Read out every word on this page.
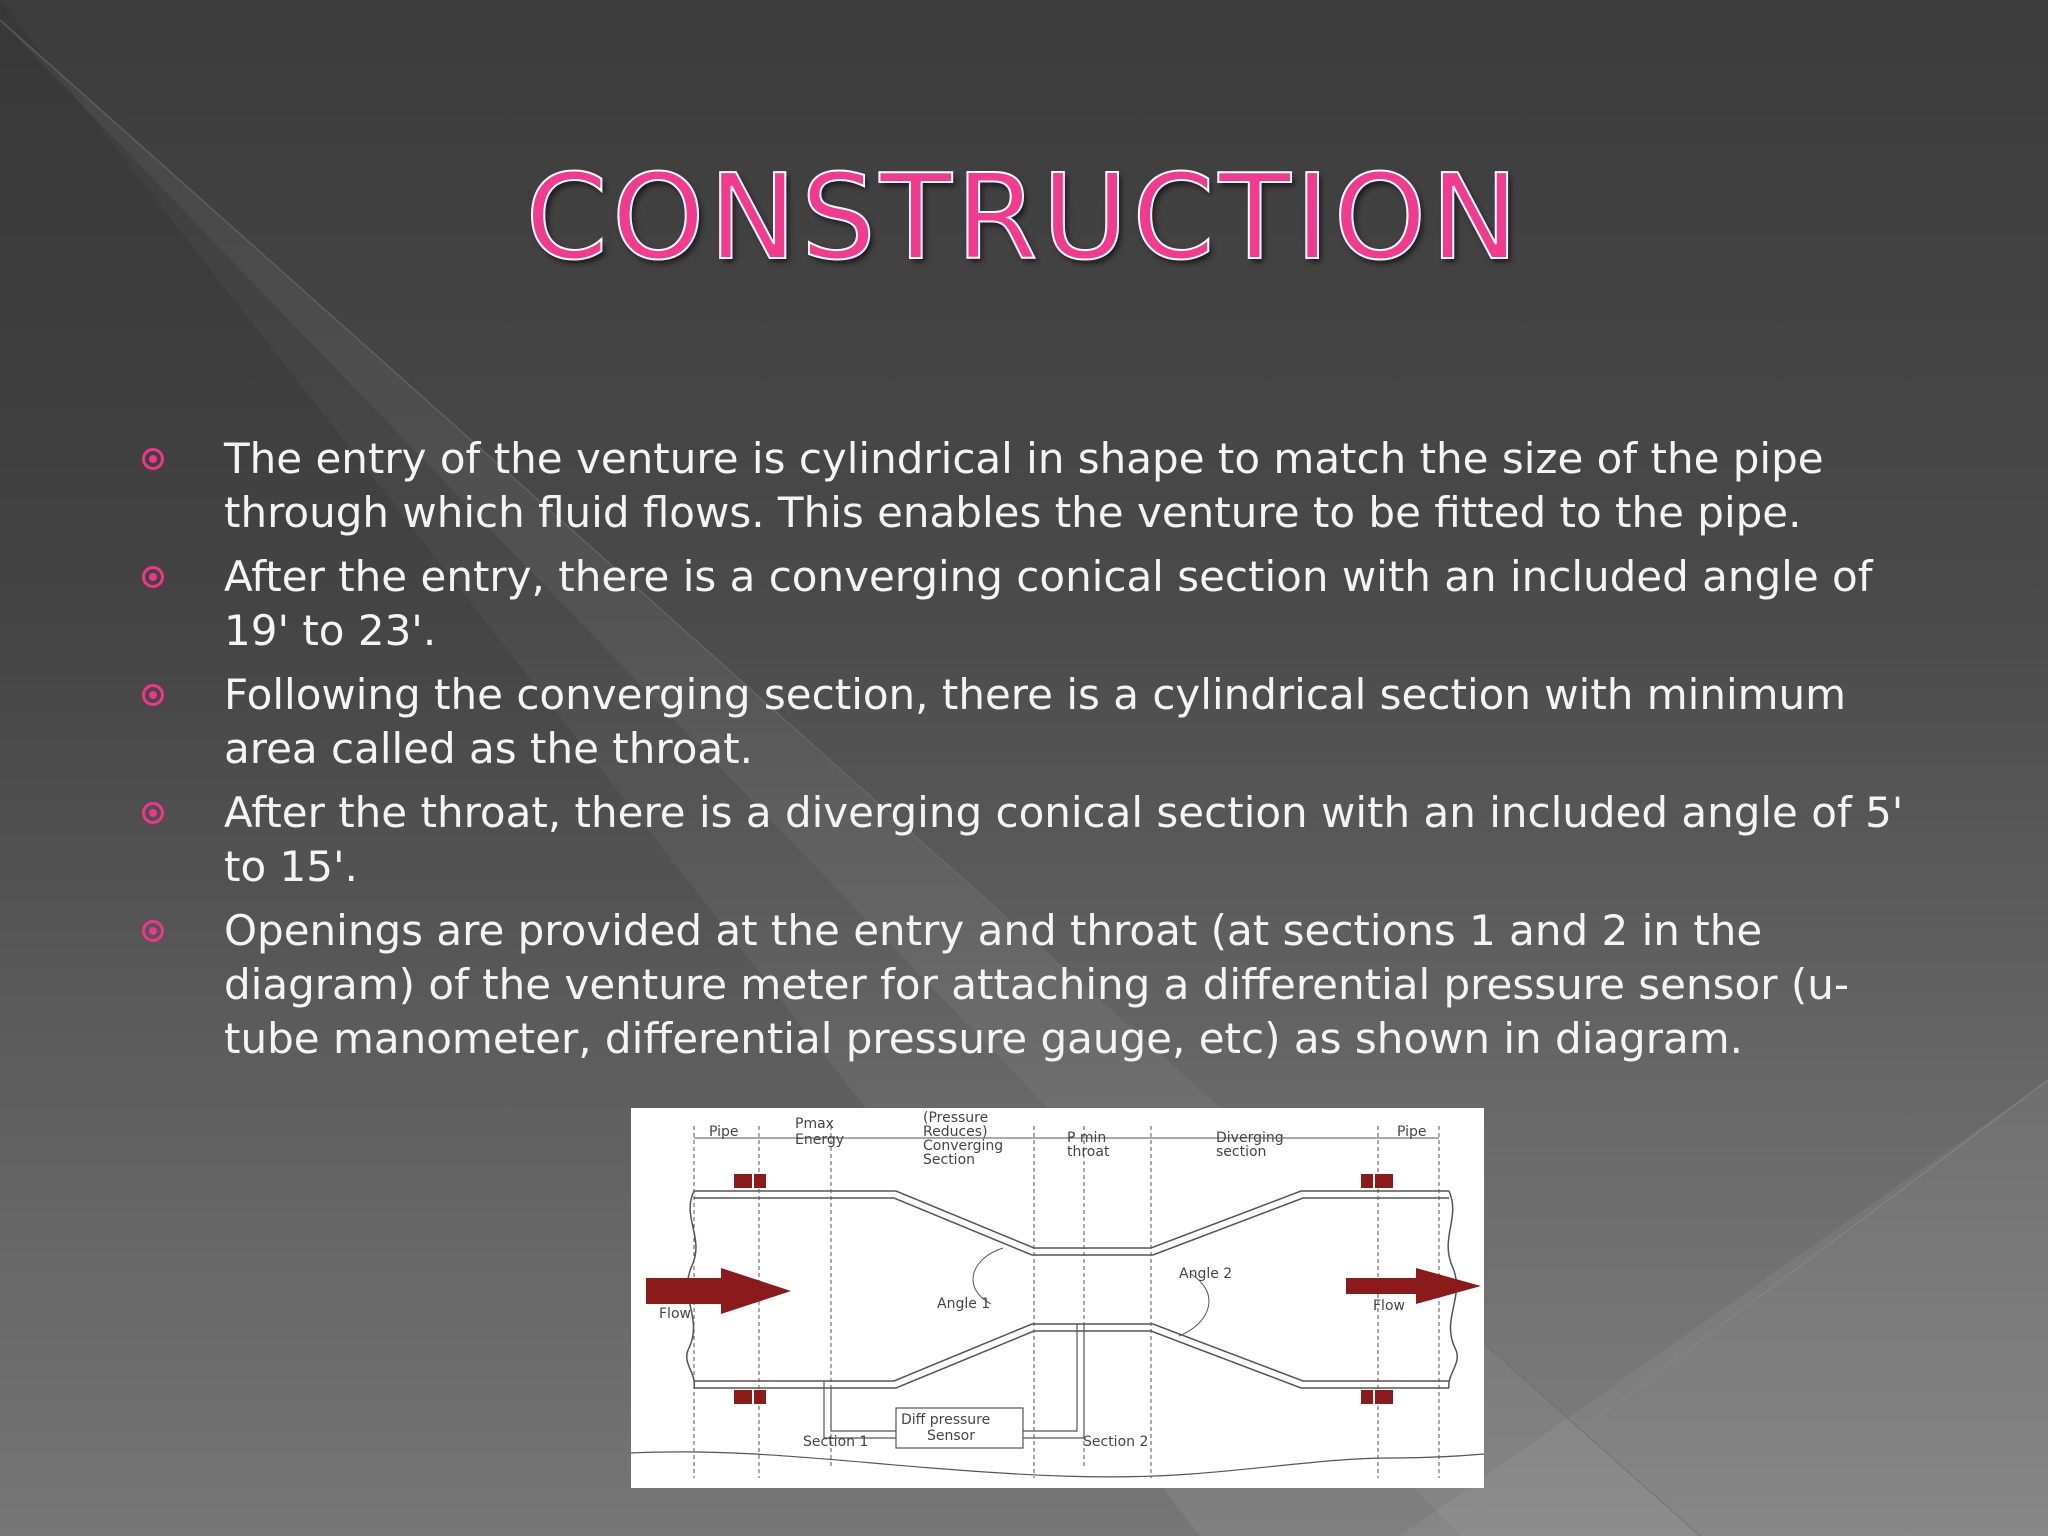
CONSTRUCTION
The entry of the venture is cylindrical in shape to match the size of the pipe through which fluid flows. This enables the venture to be fitted to the pipe.
After the entry, there is a converging conical section with an included angle of 19' to 23'.
Following the converging section, there is a cylindrical section with minimum area called as the throat.
After the throat, there is a diverging conical section with an included angle of 5' to 15'.
Openings are provided at the entry and throat (at sections 1 and 2 in the diagram) of the venture meter for attaching a differential pressure sensor (u-tube manometer, differential pressure gauge, etc) as shown in diagram.
Pipe	Pmax
Energy
(Pressure
Reduces)
Converging
Section
P min
throat
Diverging
section
Pipe
Angle 1
Angle 2
Flow	Flow
Section 1	Section 2
Diff pressure
Sensor
